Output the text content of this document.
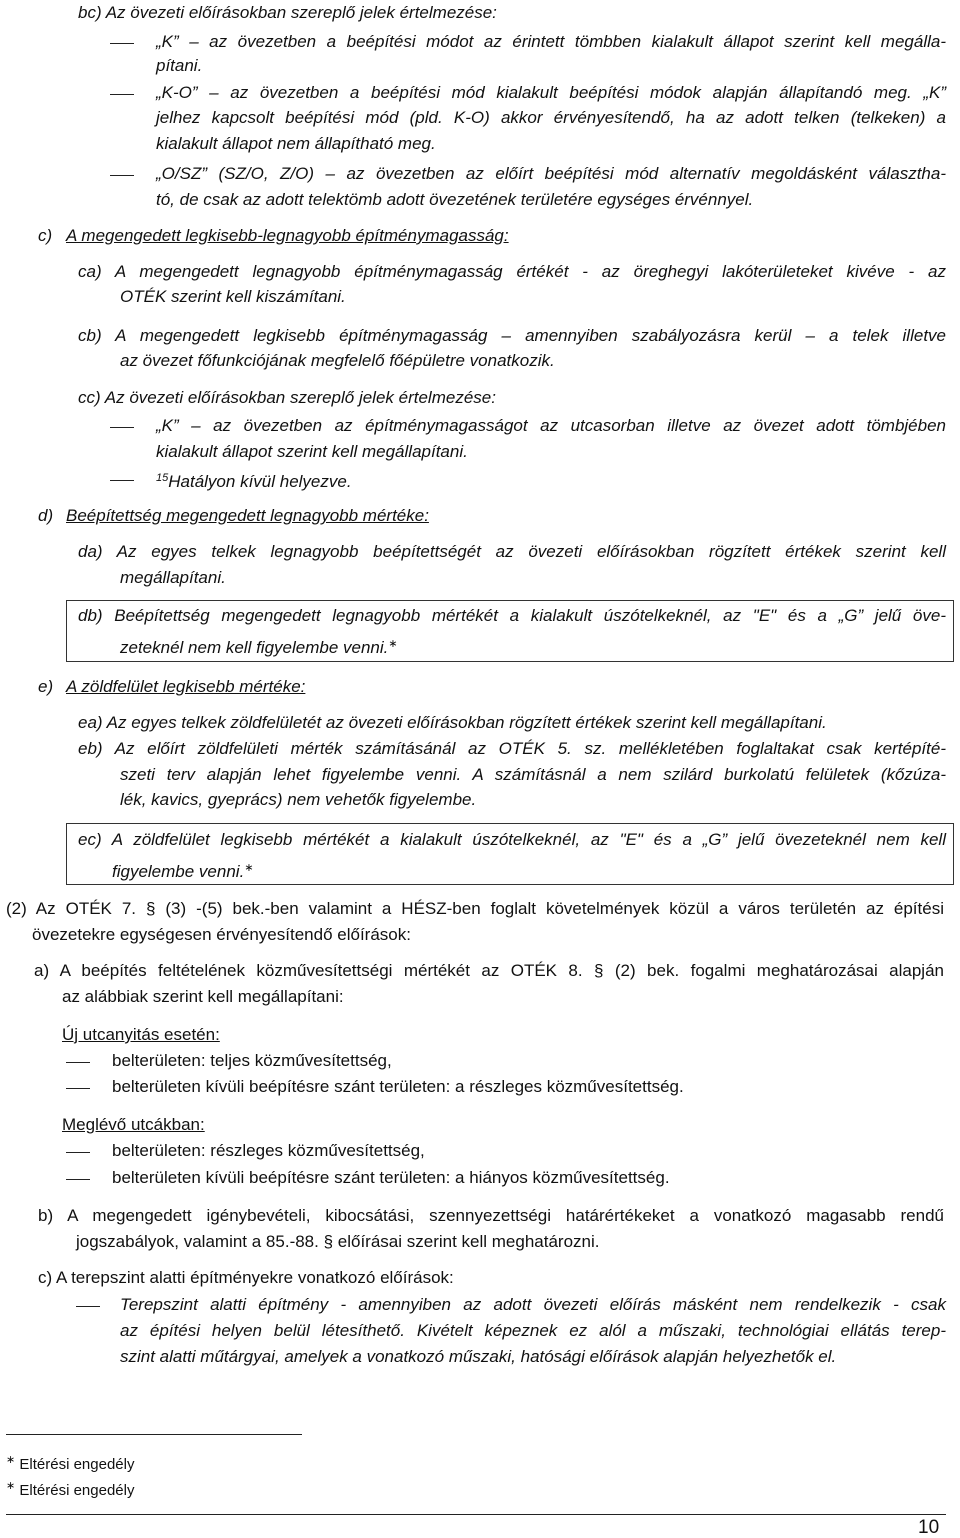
bc) Az övezeti előírásokban szereplő jelek értelmezése:
„K” – az övezetben a beépítési módot az érintett tömbben kialakult állapot szerint kell megálla-
pítani.
„K-O” – az övezetben a beépítési mód kialakult beépítési módok alapján állapítandó meg. „K”
jelhez kapcsolt beépítési mód (pld. K-O) akkor érvényesítendő, ha az adott telken (telkeken) a
kialakult állapot nem állapítható meg.
„O/SZ” (SZ/O, Z/O) – az övezetben az előírt beépítési mód alternatív megoldásként választha-
tó, de csak az adott telektömb adott övezetének területére egységes érvénnyel.
c) A megengedett legkisebb-legnagyobb építménymagasság:
ca) A megengedett legnagyobb építménymagasság értékét - az öreghegyi lakóterületeket kivéve - az
OTÉK szerint kell kiszámítani.
cb) A megengedett legkisebb építménymagasság – amennyiben szabályozásra kerül – a telek illetve
az övezet főfunkciójának megfelelő főépületre vonatkozik.
cc) Az övezeti előírásokban szereplő jelek értelmezése:
„K” – az övezetben az építménymagasságot az utcasorban illetve az övezet adott tömbjében
kialakult állapot szerint kell megállapítani.
$^{15}$Hatályon kívül helyezve.
d) Beépítettség megengedett legnagyobb mértéke:
da) Az egyes telkek legnagyobb beépítettségét az övezeti előírásokban rögzített értékek szerint kell
megállapítani.
db) Beépítettség megengedett legnagyobb mértékét a kialakult úszótelkeknél, az "E" és a „G” jelű öve-
zeteknél nem kell figyelembe venni.∗
e) A zöldfelület legkisebb mértéke:
ea) Az egyes telkek zöldfelületét az övezeti előírásokban rögzített értékek szerint kell megállapítani.
eb) Az előírt zöldfelületi mérték számításánál az OTÉK 5. sz. mellékletében foglaltakat csak kertépíté-
szeti terv alapján lehet figyelembe venni. A számításnál a nem szilárd burkolatú felületek (kőzúza-
lék, kavics, gyeprács) nem vehetők figyelembe.
ec) A zöldfelület legkisebb mértékét a kialakult úszótelkeknél, az "E" és a „G” jelű övezeteknél nem kell
figyelembe venni.∗
(2) Az OTÉK 7. § (3) -(5) bek.-ben valamint a HÉSZ-ben foglalt követelmények közül a város területén az építési
övezetekre egységesen érvényesítendő előírások:
a) A beépítés feltételének közművesítettségi mértékét az OTÉK 8. § (2) bek. fogalmi meghatározásai alapján
az alábbiak szerint kell megállapítani:
Új utcanyitás esetén:
belterületen: teljes közművesítettség,
belterületen kívüli beépítésre szánt területen: a részleges közművesítettség.
Meglévő utcákban:
belterületen: részleges közművesítettség,
belterületen kívüli beépítésre szánt területen: a hiányos közművesítettség.
b) A megengedett igénybevételi, kibocsátási, szennyezettségi határértékeket a vonatkozó magasabb rendű
jogszabályok, valamint a 85.-88. § előírásai szerint kell meghatározni.
c) A terepszint alatti építményekre vonatkozó előírások:
Terepszint alatti építmény - amennyiben az adott övezeti előírás másként nem rendelkezik - csak
az építési helyen belül létesíthető. Kivételt képeznek ez alól a műszaki, technológiai ellátás terep-
szint alatti műtárgyai, amelyek a vonatkozó műszaki, hatósági előírások alapján helyezhetők el.
∗ Eltérési engedély
∗ Eltérési engedély
10
